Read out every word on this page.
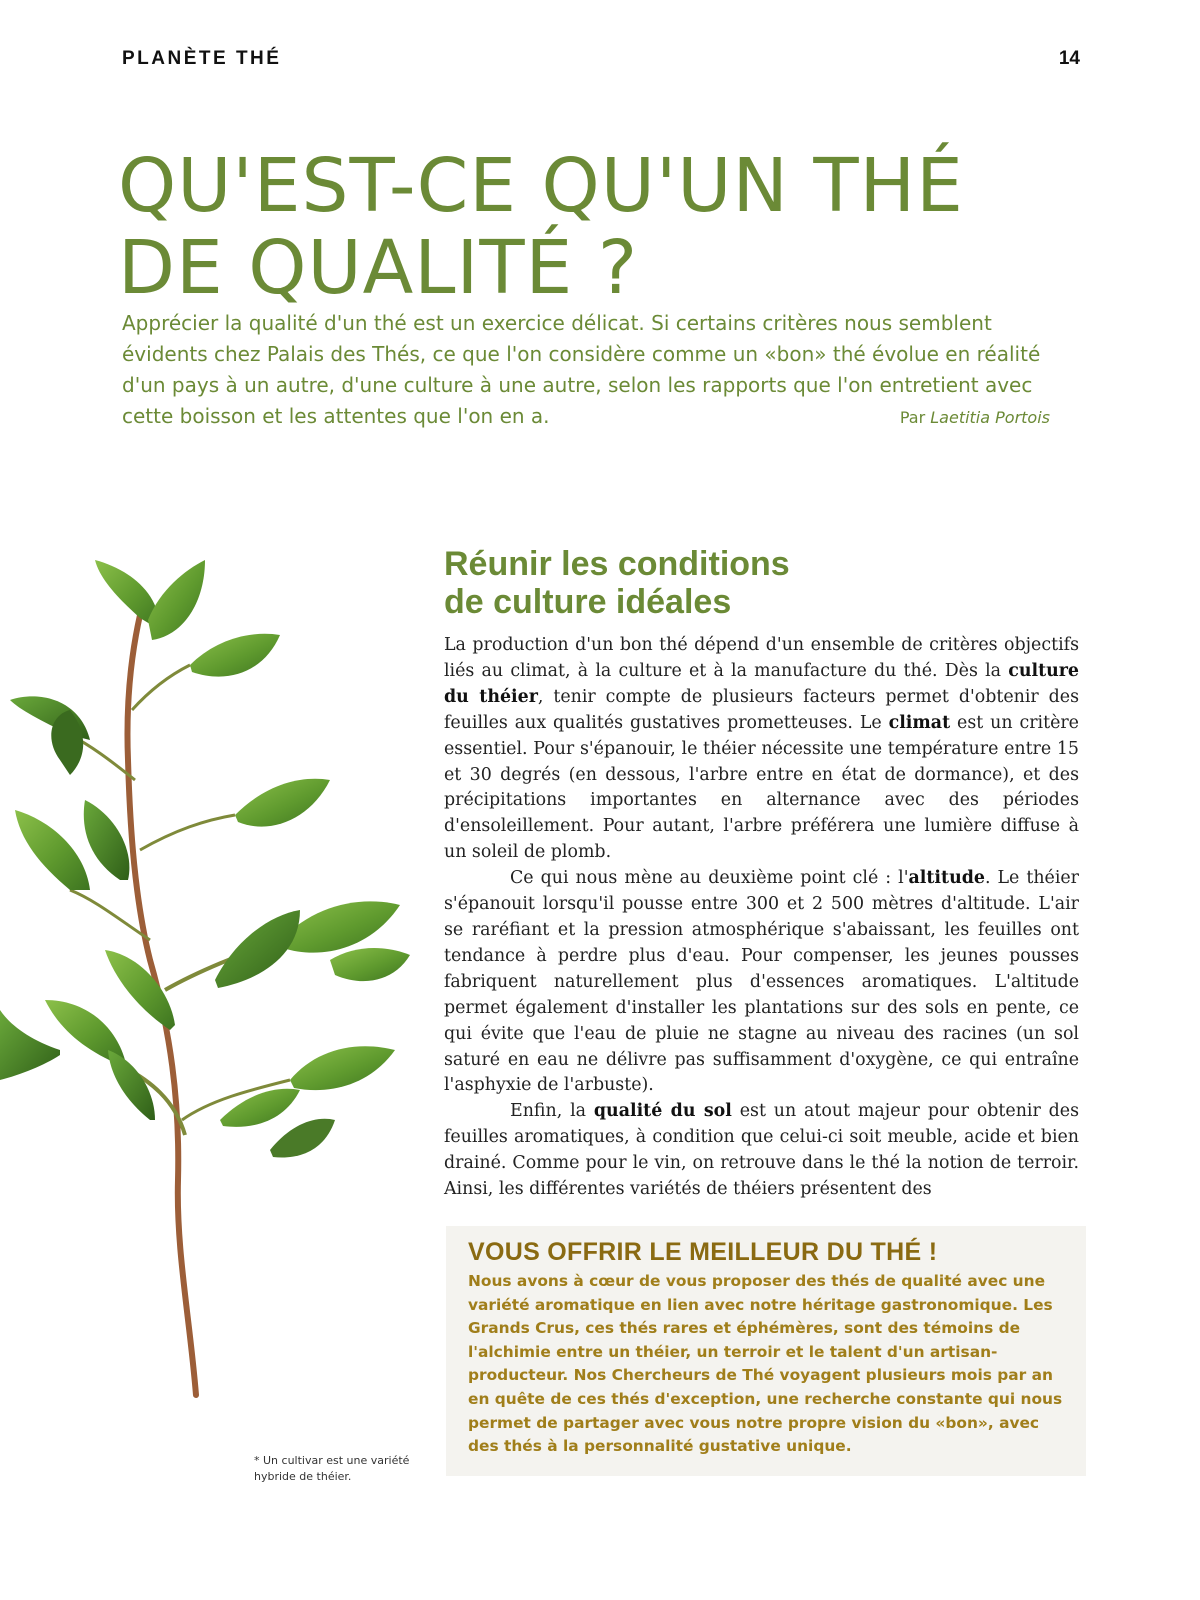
PLANÈTE THÉ	14
QU'EST-CE QU'UN THÉ
DE QUALITÉ ?

Apprécier la qualité d'un thé est un exercice délicat. Si certains critères nous semblent évidents chez Palais des Thés, ce que l'on considère comme un «bon» thé évolue en réalité d'un pays à un autre, d'une culture à une autre, selon les rapports que l'on entretient avec cette boisson et les attentes que l'on en a.	Par Laetitia Portois
Réunir les conditions
de culture idéales

La production d'un bon thé dépend d'un ensemble de critères objectifs liés au climat, à la culture et à la manufacture du thé. Dès la culture du théier, tenir compte de plusieurs facteurs permet d'obtenir des feuilles aux qualités gustatives prometteuses. Le climat est un critère essentiel. Pour s'épanouir, le théier nécessite une température entre 15 et 30 degrés (en dessous, l'arbre entre en état de dormance), et des précipitations importantes en alternance avec des périodes d'ensoleillement. Pour autant, l'arbre préférera une lumière diffuse à un soleil de plomb.

Ce qui nous mène au deuxième point clé : l'altitude. Le théier s'épanouit lorsqu'il pousse entre 300 et 2 500 mètres d'altitude. L'air se raréfiant et la pression atmosphérique s'abaissant, les feuilles ont tendance à perdre plus d'eau. Pour compenser, les jeunes pousses fabriquent naturellement plus d'essences aromatiques. L'altitude permet également d'installer les plantations sur des sols en pente, ce qui évite que l'eau de pluie ne stagne au niveau des racines (un sol saturé en eau ne délivre pas suffisamment d'oxygène, ce qui entraîne l'asphyxie de l'arbuste).

Enfin, la qualité du sol est un atout majeur pour obtenir des feuilles aromatiques, à condition que celui-ci soit meuble, acide et bien drainé. Comme pour le vin, on retrouve dans le thé la notion de terroir. Ainsi, les différentes variétés de théiers présentent des

VOUS OFFRIR LE MEILLEUR DU THÉ !

Nous avons à cœur de vous proposer des thés de qualité avec une variété aromatique en lien avec notre héritage gastronomique. Les Grands Crus, ces thés rares et éphémères, sont des témoins de l'alchimie entre un théier, un terroir et le talent d'un artisan-producteur. Nos Chercheurs de Thé voyagent plusieurs mois par an en quête de ces thés d'exception, une recherche constante qui nous permet de partager avec vous notre propre vision du «bon», avec des thés à la personnalité gustative unique.

* Un cultivar est une variété hybride de théier.
